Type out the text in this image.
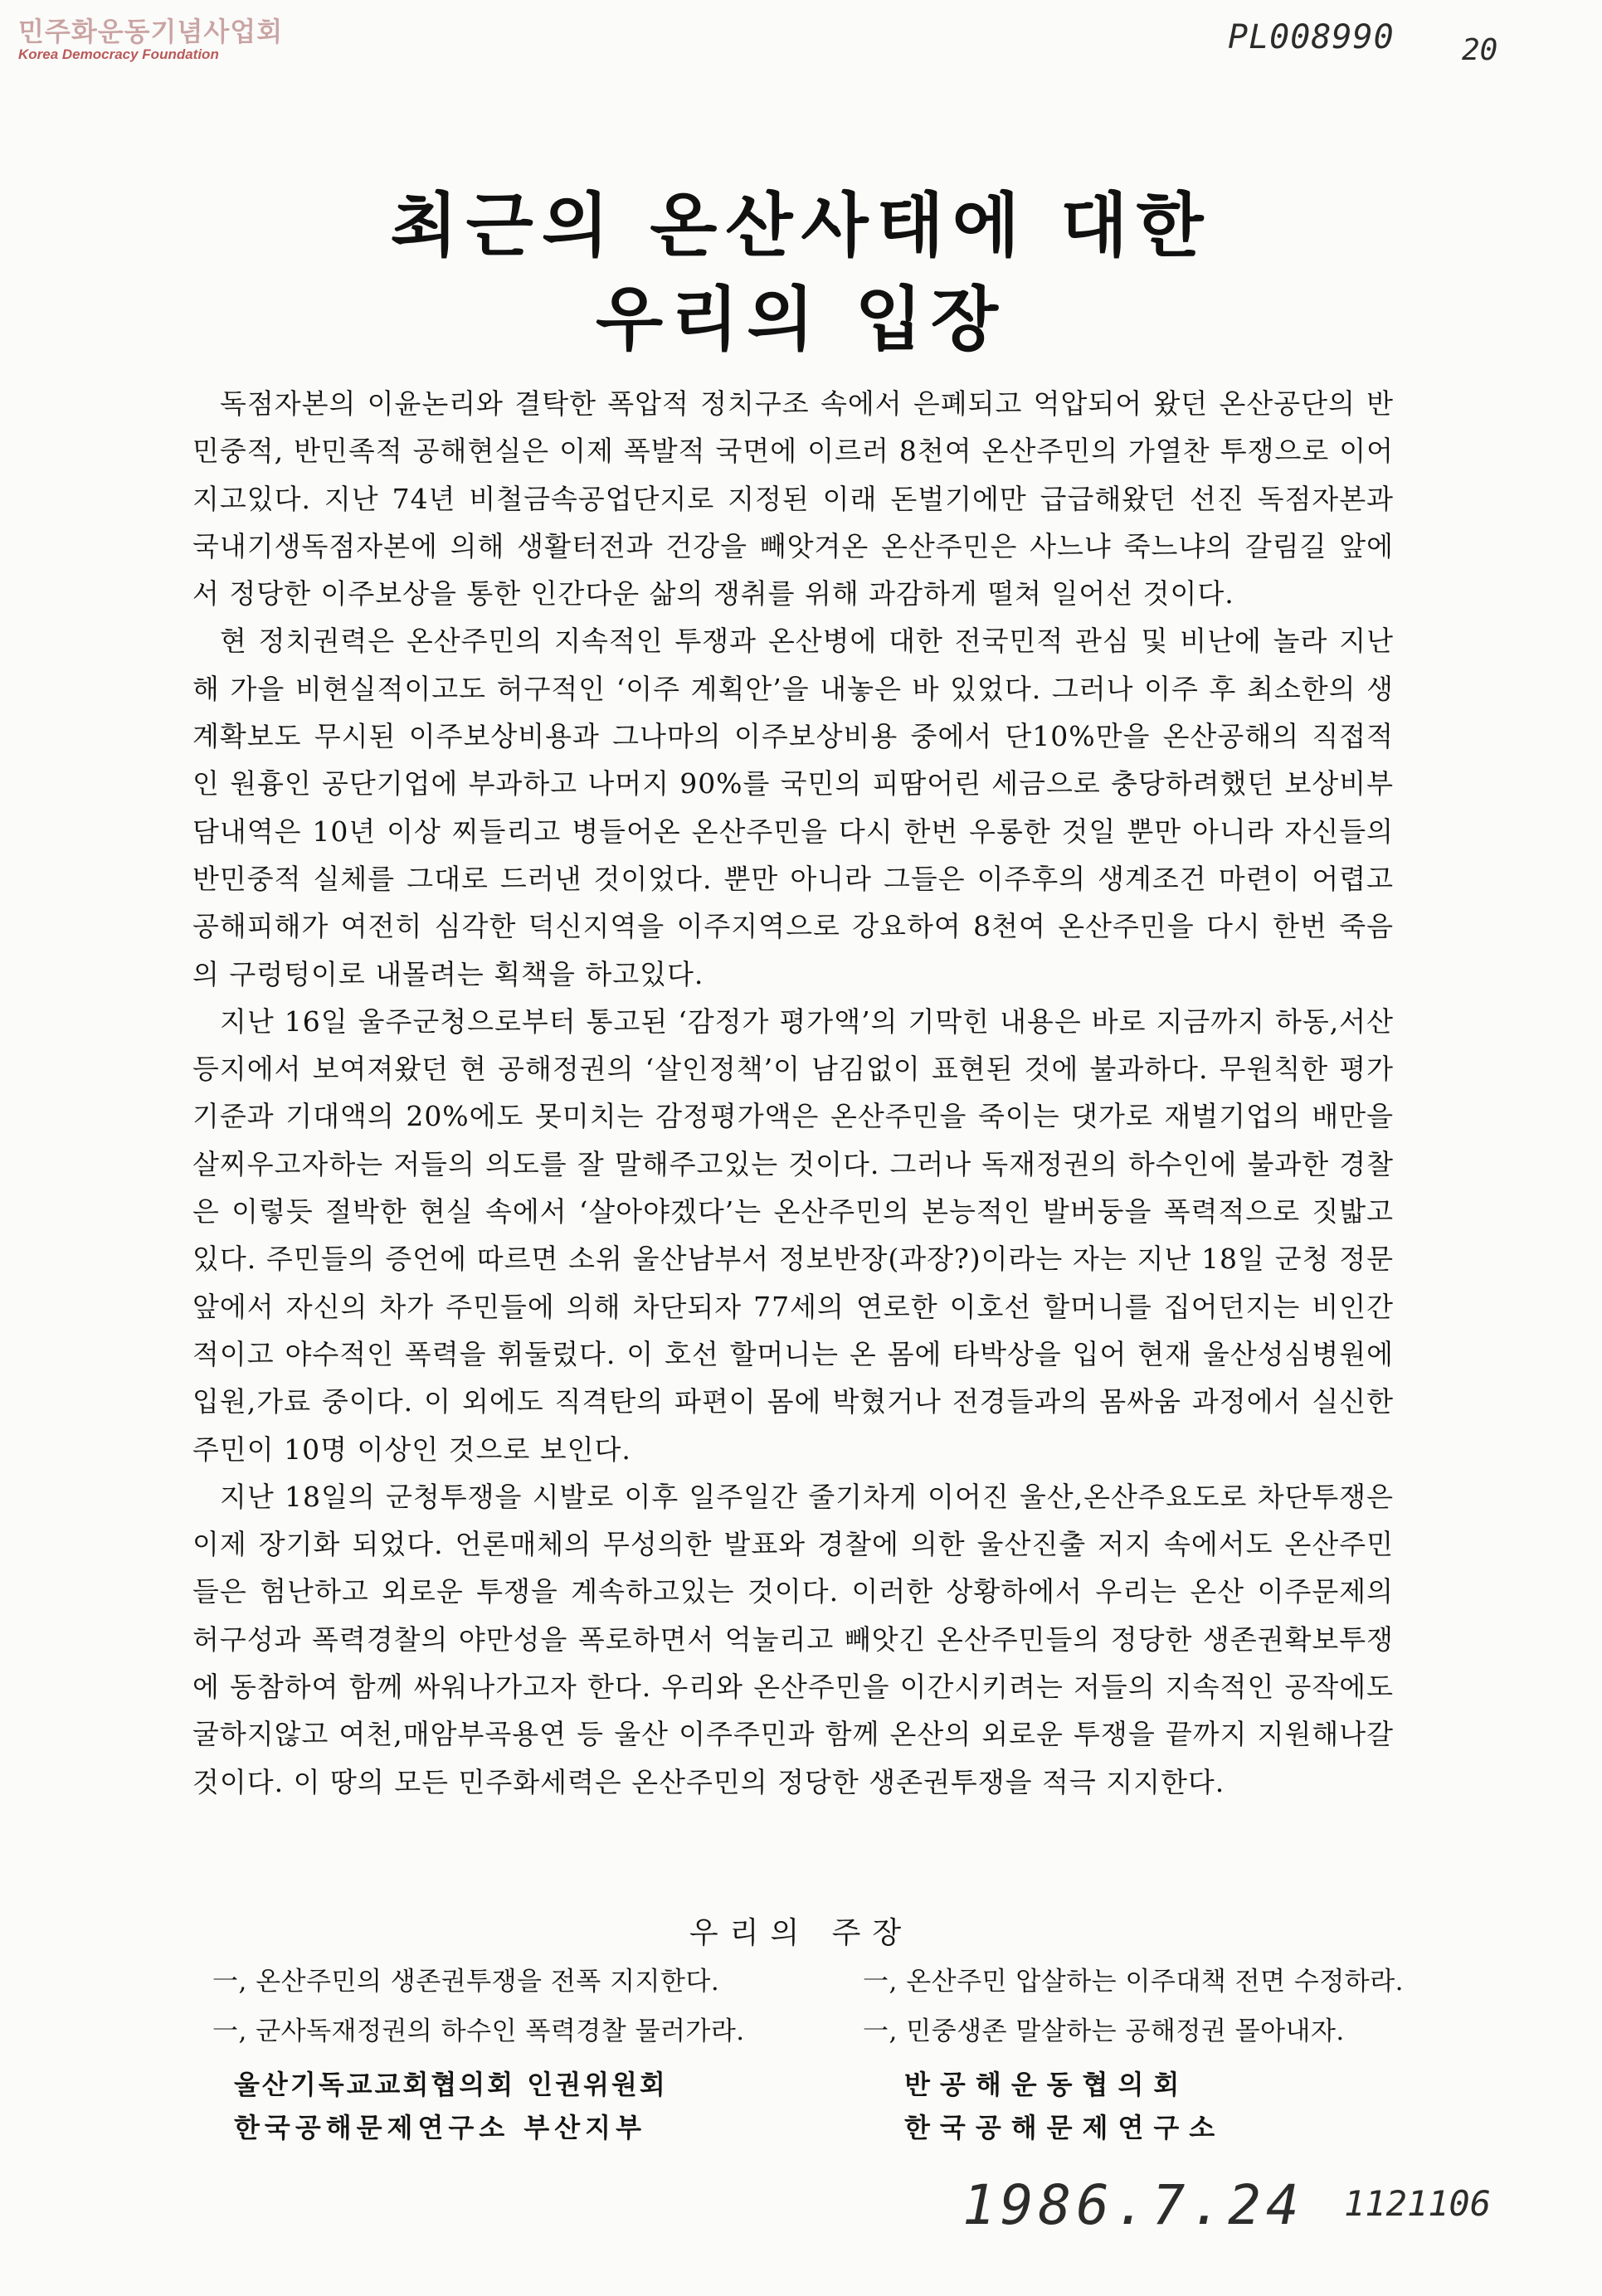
민주화운동기념사업회
Korea Democracy Foundation	PL008990 20
최근의 온산사태에 대한
우리의 입장

독점자본의 이윤논리와 결탁한 폭압적 정치구조 속에서 은폐되고 억압되어 왔던 온산공단의 반민중적, 반민족적 공해현실은 이제 폭발적 국면에 이르러 8천여 온산주민의 가열찬 투쟁으로 이어지고있다. 지난 74년 비철금속공업단지로 지정된 이래 돈벌기에만 급급해왔던 선진 독점자본과 국내기생독점자본에 의해 생활터전과 건강을 빼앗겨온 온산주민은 사느냐 죽느냐의 갈림길 앞에서 정당한 이주보상을 통한 인간다운 삶의 쟁취를 위해 과감하게 떨쳐 일어선 것이다.

현 정치권력은 온산주민의 지속적인 투쟁과 온산병에 대한 전국민적 관심 및 비난에 놀라 지난 해 가을 비현실적이고도 허구적인 ‘이주 계획안’을 내놓은 바 있었다. 그러나 이주 후 최소한의 생계확보도 무시된 이주보상비용과 그나마의 이주보상비용 중에서 단10%만을 온산공해의 직접적인 원흉인 공단기업에 부과하고 나머지 90%를 국민의 피땀어린 세금으로 충당하려했던 보상비부담내역은 10년 이상 찌들리고 병들어온 온산주민을 다시 한번 우롱한 것일 뿐만 아니라 자신들의 반민중적 실체를 그대로 드러낸 것이었다. 뿐만 아니라 그들은 이주후의 생계조건 마련이 어렵고 공해피해가 여전히 심각한 덕신지역을 이주지역으로 강요하여 8천여 온산주민을 다시 한번 죽음의 구렁텅이로 내몰려는 획책을 하고있다.

지난 16일 울주군청으로부터 통고된 ‘감정가 평가액’의 기막힌 내용은 바로 지금까지 하동,서산 등지에서 보여져왔던 현 공해정권의 ‘살인정책’이 남김없이 표현된 것에 불과하다. 무원칙한 평가기준과 기대액의 20%에도 못미치는 감정평가액은 온산주민을 죽이는 댓가로 재벌기업의 배만을 살찌우고자하는 저들의 의도를 잘 말해주고있는 것이다. 그러나 독재정권의 하수인에 불과한 경찰은 이렇듯 절박한 현실 속에서 ‘살아야겠다’는 온산주민의 본능적인 발버둥을 폭력적으로 짓밟고있다. 주민들의 증언에 따르면 소위 울산남부서 정보반장(과장?)이라는 자는 지난 18일 군청 정문 앞에서 자신의 차가 주민들에 의해 차단되자 77세의 연로한 이호선 할머니를 집어던지는 비인간적이고 야수적인 폭력을 휘둘렀다. 이 호선 할머니는 온 몸에 타박상을 입어 현재 울산성심병원에 입원,가료 중이다. 이 외에도 직격탄의 파편이 몸에 박혔거나 전경들과의 몸싸움 과정에서 실신한 주민이 10명 이상인 것으로 보인다.

지난 18일의 군청투쟁을 시발로 이후 일주일간 줄기차게 이어진 울산,온산주요도로 차단투쟁은 이제 장기화 되었다. 언론매체의 무성의한 발표와 경찰에 의한 울산진출 저지 속에서도 온산주민들은 험난하고 외로운 투쟁을 계속하고있는 것이다. 이러한 상황하에서 우리는 온산 이주문제의 허구성과 폭력경찰의 야만성을 폭로하면서 억눌리고 빼앗긴 온산주민들의 정당한 생존권확보투쟁에 동참하여 함께 싸워나가고자 한다. 우리와 온산주민을 이간시키려는 저들의 지속적인 공작에도 굴하지않고 여천,매암부곡용연 등 울산 이주주민과 함께 온산의 외로운 투쟁을 끝까지 지원해나갈 것이다. 이 땅의 모든 민주화세력은 온산주민의 정당한 생존권투쟁을 적극 지지한다.

우리의 주장
一, 온산주민의 생존권투쟁을 전폭 지지한다.	一, 온산주민 압살하는 이주대책 전면 수정하라.
一, 군사독재정권의 하수인 폭력경찰 물러가라.	一, 민중생존 말살하는 공해정권 몰아내자.
울산기독교교회협의회 인권위원회	반공해운동협의회
한국공해문제연구소 부산지부	한국공해문제연구소
1986.7.24 1121106
